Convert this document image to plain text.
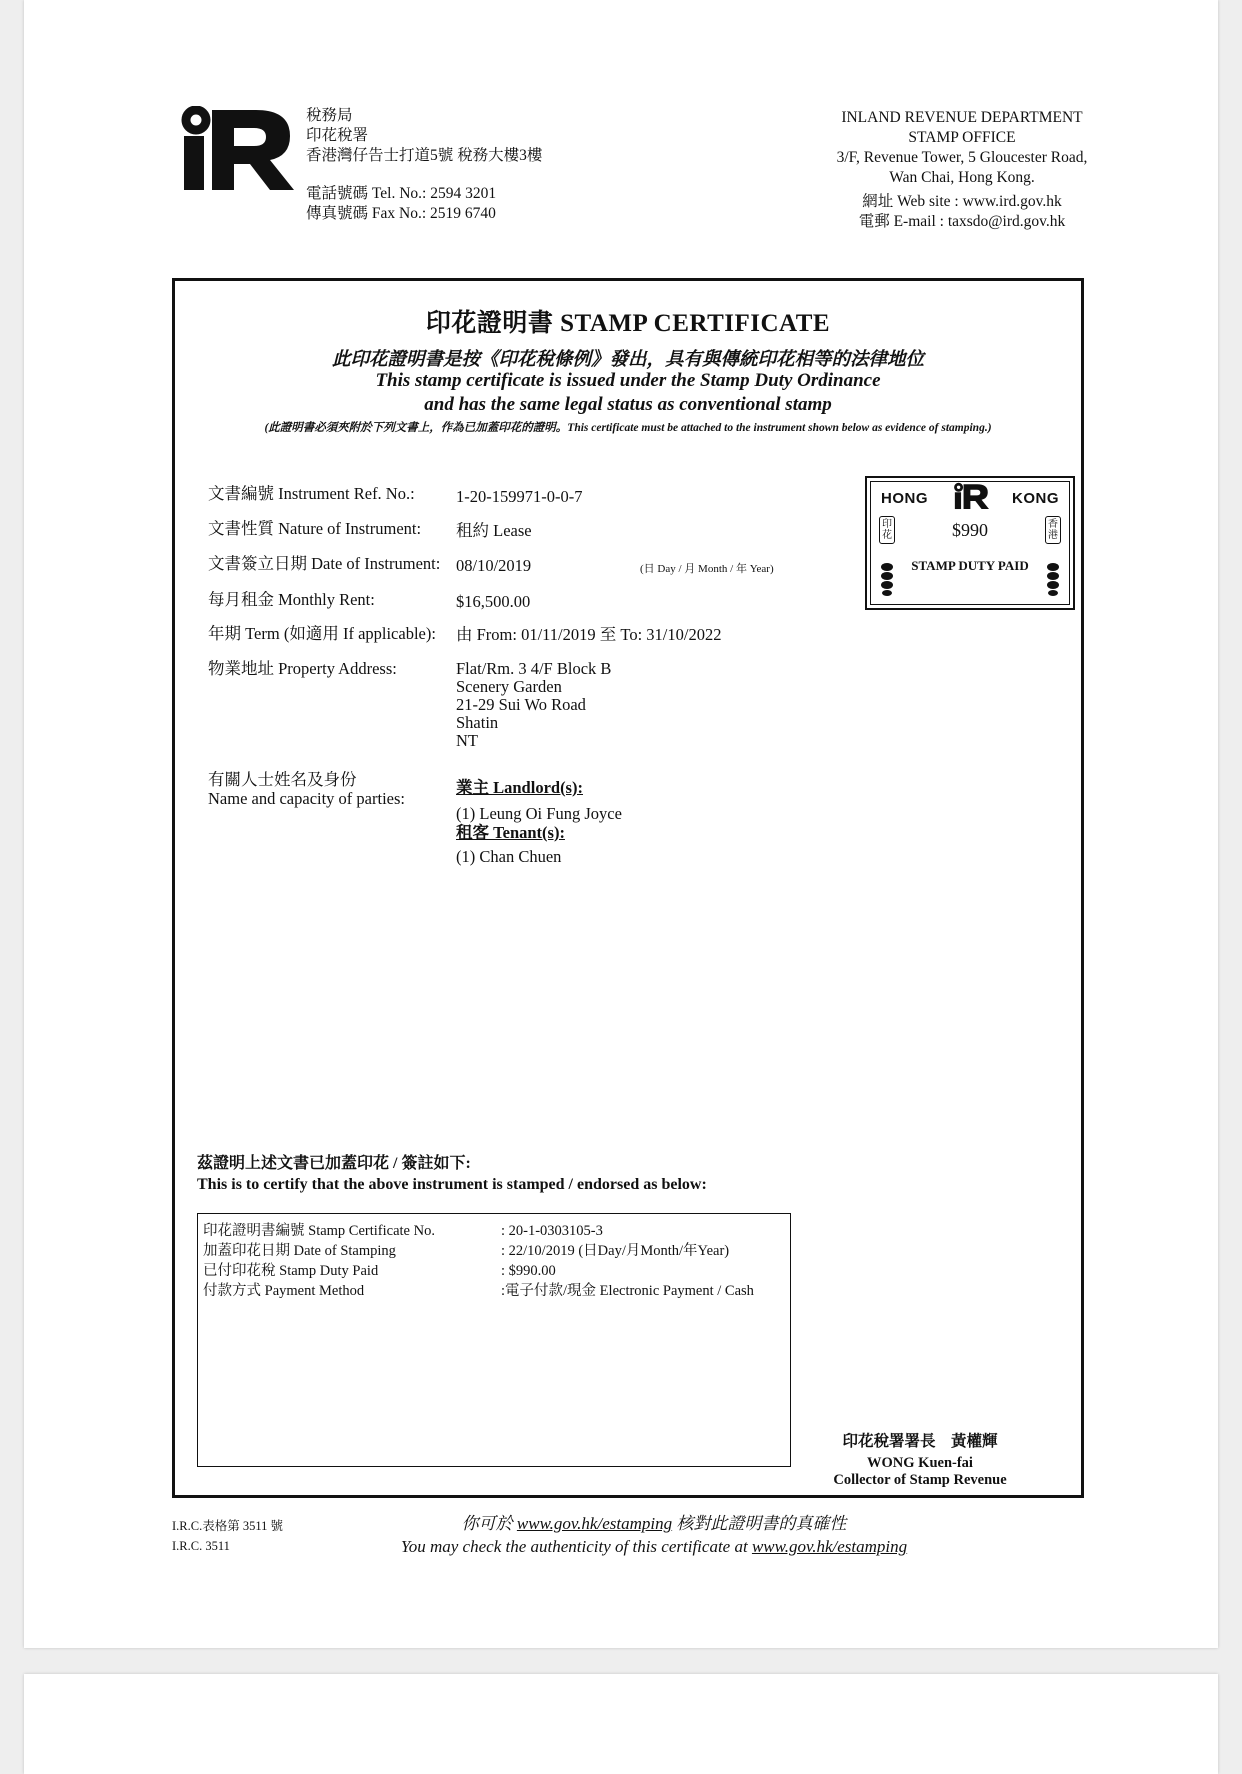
稅務局
印花稅署
香港灣仔告士打道5號 稅務大樓3樓
電話號碼 Tel. No.: 2594 3201
傳真號碼 Fax No.: 2519 6740
INLAND REVENUE DEPARTMENT
STAMP OFFICE
3/F, Revenue Tower, 5 Gloucester Road,
Wan Chai, Hong Kong.
網址 Web site : www.ird.gov.hk
電郵 E-mail : taxsdo@ird.gov.hk
印花證明書 STAMP CERTIFICATE
此印花證明書是按《印花稅條例》發出，具有與傳統印花相等的法律地位
This stamp certificate is issued under the Stamp Duty Ordinance
and has the same legal status as conventional stamp
(此證明書必須夾附於下列文書上，作為已加蓋印花的證明。This certificate must be attached to the instrument shown below as evidence of stamping.)
文書編號 Instrument Ref. No.:	1-20-159971-0-0-7
文書性質 Nature of Instrument: 租約 Lease
文書簽立日期 Date of Instrument: 08/10/2019	(日 Day / 月 Month / 年 Year)
每月租金 Monthly Rent:	$16,500.00
年期 Term (如適用 If applicable): 由 From: 01/11/2019 至 To: 31/10/2022
物業地址 Property Address:	Flat/Rm. 3 4/F Block B
Scenery Garden
21-29 Sui Wo Road
Shatin
NT
有關人士姓名及身份
Name and capacity of parties:
業主 Landlord(s):
(1) Leung Oi Fung Joyce
租客 Tenant(s):
(1) Chan Chuen
HONG	KONG
$990
STAMP DUTY PAID
印花
香港
茲證明上述文書已加蓋印花 / 簽註如下:
This is to certify that the above instrument is stamped / endorsed as below:
印花證明書編號 Stamp Certificate No.	: 20-1-0303105-3
加蓋印花日期 Date of Stamping	: 22/10/2019 (日Day/月Month/年Year)
已付印花稅 Stamp Duty Paid	: $990.00
付款方式 Payment Method	:電子付款/現金 Electronic Payment / Cash
印花稅署署長　黃權輝
WONG Kuen-fai
Collector of Stamp Revenue
I.R.C.表格第 3511 號
I.R.C. 3511
你可於 www.gov.hk/estamping 核對此證明書的真確性
You may check the authenticity of this certificate at www.gov.hk/estamping
